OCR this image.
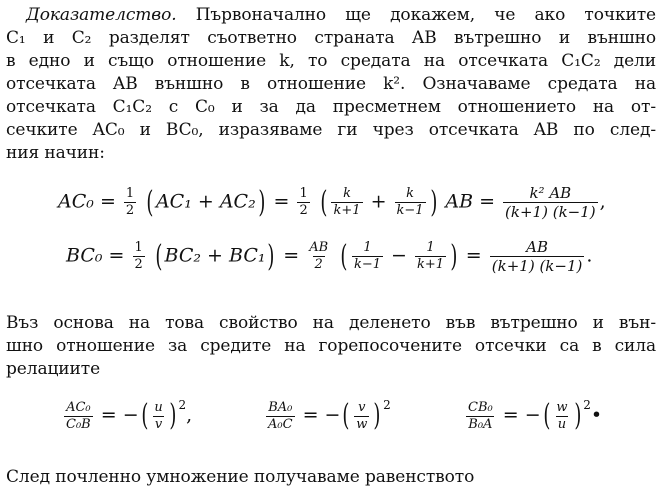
Доказателство. Първоначално ще докажем, че ако точките
C₁ и C₂ разделят съответно страната AB вътрешно и външно
в едно и също отношение k, то средата на отсечката C₁C₂ дели
отсечката AB външно в отношение k². Означаваме средата на
отсечката C₁C₂ с C₀ и за да пресметнем отношението на от-
сечките AC₀ и BC₀, изразяваме ги чрез отсечката AB по след-
ния начин:
$AC_0 = \frac{1}{2}$ ( $AC_1 + AC_2) = \frac{1}{2}$ ( $\frac{k}{k+1} + \frac{k}{k-1}$ ) AB = $\frac{\text{k² AB}}{(k+1) (k-1)}$ ,
$BC_0 = \frac{1}{2}$ ( $BC_2 + BC_1) = \frac{AB}{2}$ ( $\frac{1}{k-1} - \frac{1}{k+1}$ ) = $\frac{AB}{(k+1) (k-1)}$ .
Въз основа на това свойство на деленето във вътрешно и вън-
шно отношение за средите на горепосочените отсечки са в сила
релациите
$\frac{\text{AC₀}}{\text{C₀B}}$ = −( $\frac{u}{v}$ ) $^2$,	$\frac{\text{BA₀}}{\text{A₀C}}$ = −( $\frac{v}{w}$ ) $^2$	$\frac{\text{CB₀}}{\text{B₀A}}$ = −( $\frac{w}{u}$ ) $^2$•
След почленно умножение получаваме равенството
